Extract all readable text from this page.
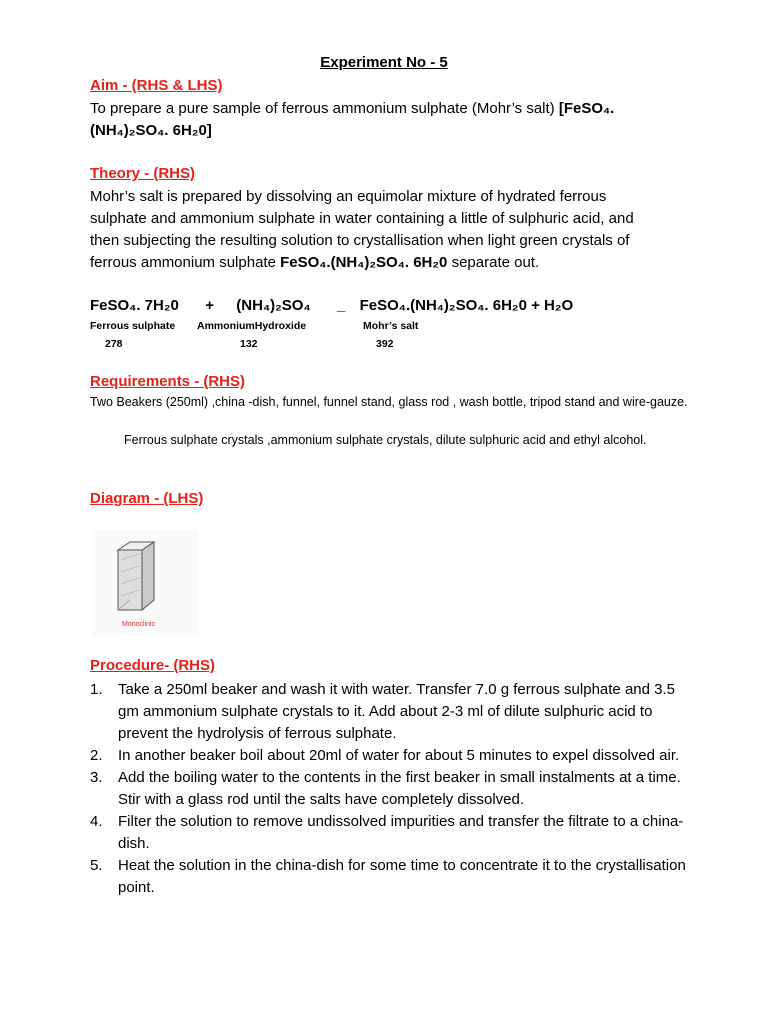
Experiment No - 5
Aim - (RHS & LHS)
To prepare a pure sample of ferrous ammonium sulphate (Mohr’s salt) [FeSO₄.(NH₄)₂SO₄. 6H₂0]
Theory - (RHS)
Mohr’s salt is prepared by dissolving an equimolar mixture of hydrated ferrous sulphate and ammonium sulphate in water containing a little of sulphuric acid, and then subjecting the resulting solution to crystallisation when light green crystals of ferrous ammonium sulphate FeSO₄.(NH₄)₂SO₄. 6H₂0 separate out.
FeSO₄. 7H₂0 + (NH₄)₂SO₄ _ FeSO₄.(NH₄)₂SO₄. 6H₂0 + H₂O
Ferrous sulphate AmmoniumHydroxide	Mohr’s salt
278	132	392
Requirements - (RHS)
Two Beakers (250ml) ,china -dish, funnel, funnel stand, glass rod , wash bottle, tripod stand and wire-gauze.
Ferrous sulphate crystals ,ammonium sulphate crystals, dilute sulphuric acid and ethyl alcohol.
Diagram - (LHS)
Monoclinic
Procedure- (RHS)
1. Take a 250ml beaker and wash it with water. Transfer 7.0 g ferrous sulphate and 3.5 gm ammonium sulphate crystals to it. Add about 2-3 ml of dilute sulphuric acid to prevent the hydrolysis of ferrous sulphate.
2. In another beaker boil about 20ml of water for about 5 minutes to expel dissolved air.
3. Add the boiling water to the contents in the first beaker in small instalments at a time. Stir with a glass rod until the salts have completely dissolved.
4. Filter the solution to remove undissolved impurities and transfer the filtrate to a china-dish.
5. Heat the solution in the china-dish for some time to concentrate it to the crystallisation point.
